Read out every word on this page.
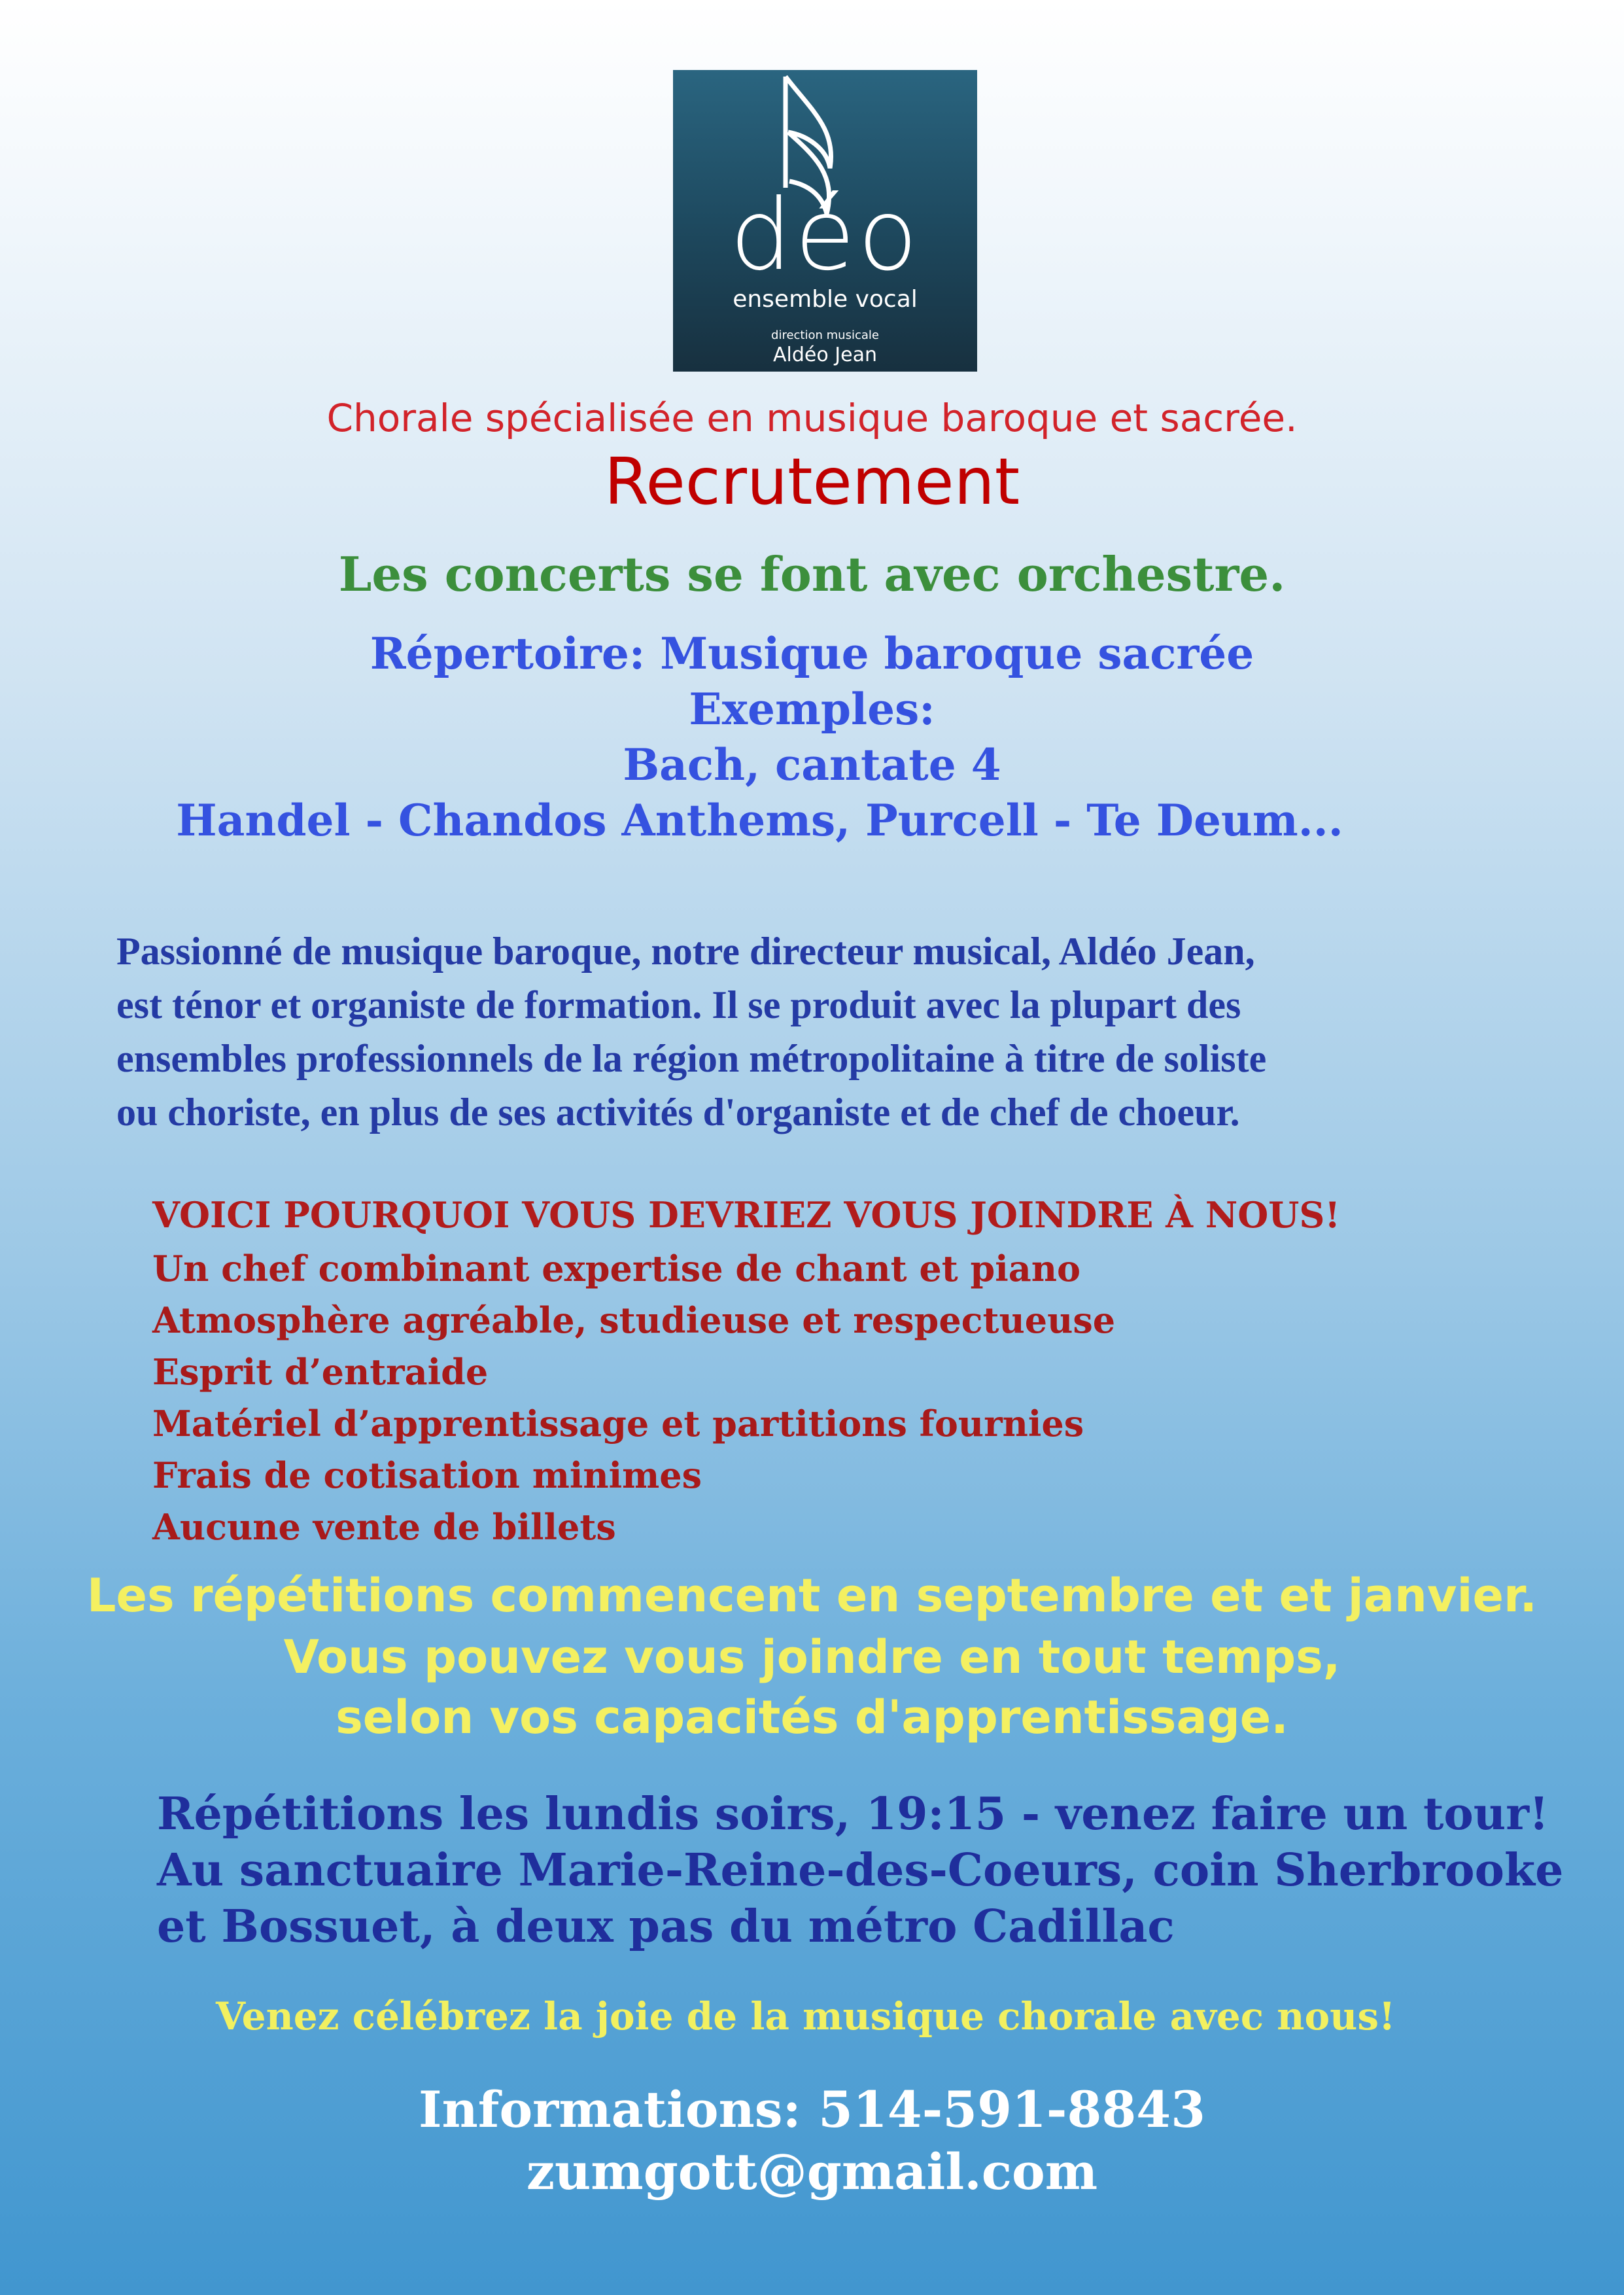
déo
ensemble vocal
direction musicale
Aldéo Jean

Chorale spécialisée en musique baroque et sacrée.

Recrutement

Les concerts se font avec orchestre.

Répertoire: Musique baroque sacrée

Exemples:

Bach, cantate 4

Handel - Chandos Anthems, Purcell - Te Deum...

Passionné de musique baroque, notre directeur musical, Aldéo Jean,
est ténor et organiste de formation. Il se produit avec la plupart des
ensembles professionnels de la région métropolitaine à titre de soliste
ou choriste, en plus de ses activités d'organiste et de chef de choeur.

VOICI POURQUOI VOUS DEVRIEZ VOUS JOINDRE À NOUS!

Un chef combinant expertise de chant et piano
Atmosphère agréable, studieuse et respectueuse
Esprit d’entraide
Matériel d’apprentissage et partitions fournies
Frais de cotisation minimes
Aucune vente de billets

Les répétitions commencent en septembre et et janvier.

Vous pouvez vous joindre en tout temps,

selon vos capacités d'apprentissage.

Répétitions les lundis soirs, 19:15 - venez faire un tour!
Au sanctuaire Marie-Reine-des-Coeurs, coin Sherbrooke
et Bossuet, à deux pas du métro Cadillac

Venez célébrez la joie de la musique chorale avec nous!

Informations: 514-591-8843

zumgott@gmail.com
